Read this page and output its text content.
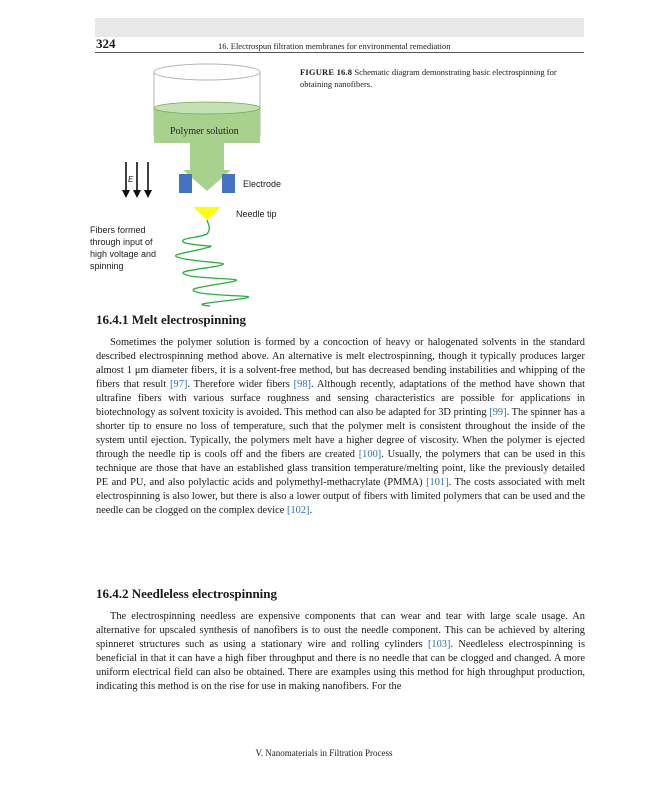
324	16. Electrospun filtration membranes for environmental remediation
Polymer solution
Electrode
Needle tip
Fibers formed through input of high voltage and spinning
E
FIGURE 16.8 Schematic diagram demonstrating basic electrospinning for obtaining nanofibers.
16.4.1 Melt electrospinning

Sometimes the polymer solution is formed by a concoction of heavy or halogenated solvents in the standard described electrospinning method above. An alternative is melt electrospinning, though it typically produces larger almost 1 μm diameter fibers, it is a solvent-free method, but has decreased bending instabilities and whipping of the fibers that result [97]. Therefore wider fibers [98]. Although recently, adaptations of the method have shown that ultrafine fibers with various surface roughness and sensing characteristics are possible for applications in biotechnology as solvent toxicity is avoided. This method can also be adapted for 3D printing [99]. The spinner has a shorter tip to ensure no loss of temperature, such that the polymer melt is consistent throughout the inside of the system until ejection. Typically, the polymers melt have a higher degree of viscosity. When the polymer is ejected through the needle tip is cools off and the fibers are created [100]. Usually, the polymers that can be used in this technique are those that have an established glass transition temperature/melting point, like the previously detailed PE and PU, and also polylactic acids and polymethyl-methacrylate (PMMA) [101]. The costs associated with melt electrospinning is also lower, but there is also a lower output of fibers with limited polymers that can be used and the needle can be clogged on the complex device [102].

16.4.2 Needleless electrospinning

The electrospinning needless are expensive components that can wear and tear with large scale usage. An alternative for upscaled synthesis of nanofibers is to oust the needle component. This can be achieved by altering spinneret structures such as using a stationary wire and rolling cylinders [103]. Needleless electrospinning is beneficial in that it can have a high fiber throughput and there is no needle that can be clogged and changed. A more uniform electrical field can also be obtained. There are examples using this method for high throughput production, indicating this method is on the rise for use in making nanofibers. For the

V. Nanomaterials in Filtration Process
